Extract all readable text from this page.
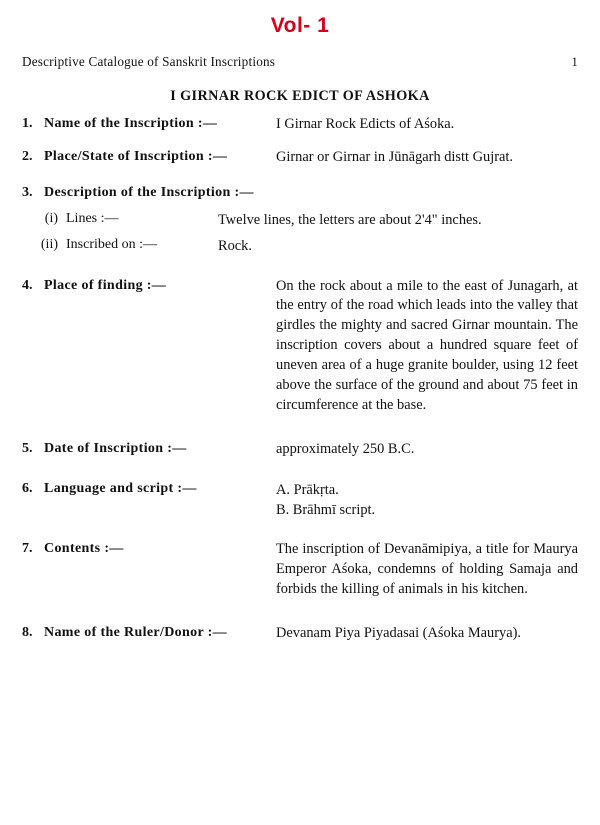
Vol- 1
Descriptive Catalogue of Sanskrit Inscriptions	1
I GIRNAR ROCK EDICT OF ASHOKA
1. Name of the Inscription :—	I Girnar Rock Edicts of Aśoka.
2. Place/State of Inscription :—	Girnar or Girnar in Jūnāgarh distt Gujrat.
3. Description of the Inscription :—
(i) Lines :—	Twelve lines, the letters are about 2'4" inches.
(ii) Inscribed on :—	Rock.
4. Place of finding :—	On the rock about a mile to the east of Junagarh, at the entry of the road which leads into the valley that girdles the mighty and sacred Girnar mountain. The inscription covers about a hundred square feet of uneven area of a huge granite boulder, using 12 feet above the surface of the ground and about 75 feet in circumference at the base.
5. Date of Inscription :—	approximately 250 B.C.
6. Language and script :—	A. Prākṛta.
B. Brāhmī script.
7. Contents :—	The inscription of Devanāmipiya, a title for Maurya Emperor Aśoka, condemns of holding Samaja and forbids the killing of animals in his kitchen.
8. Name of the Ruler/Donor :—	Devanam Piya Piyadasai (Aśoka Maurya).
